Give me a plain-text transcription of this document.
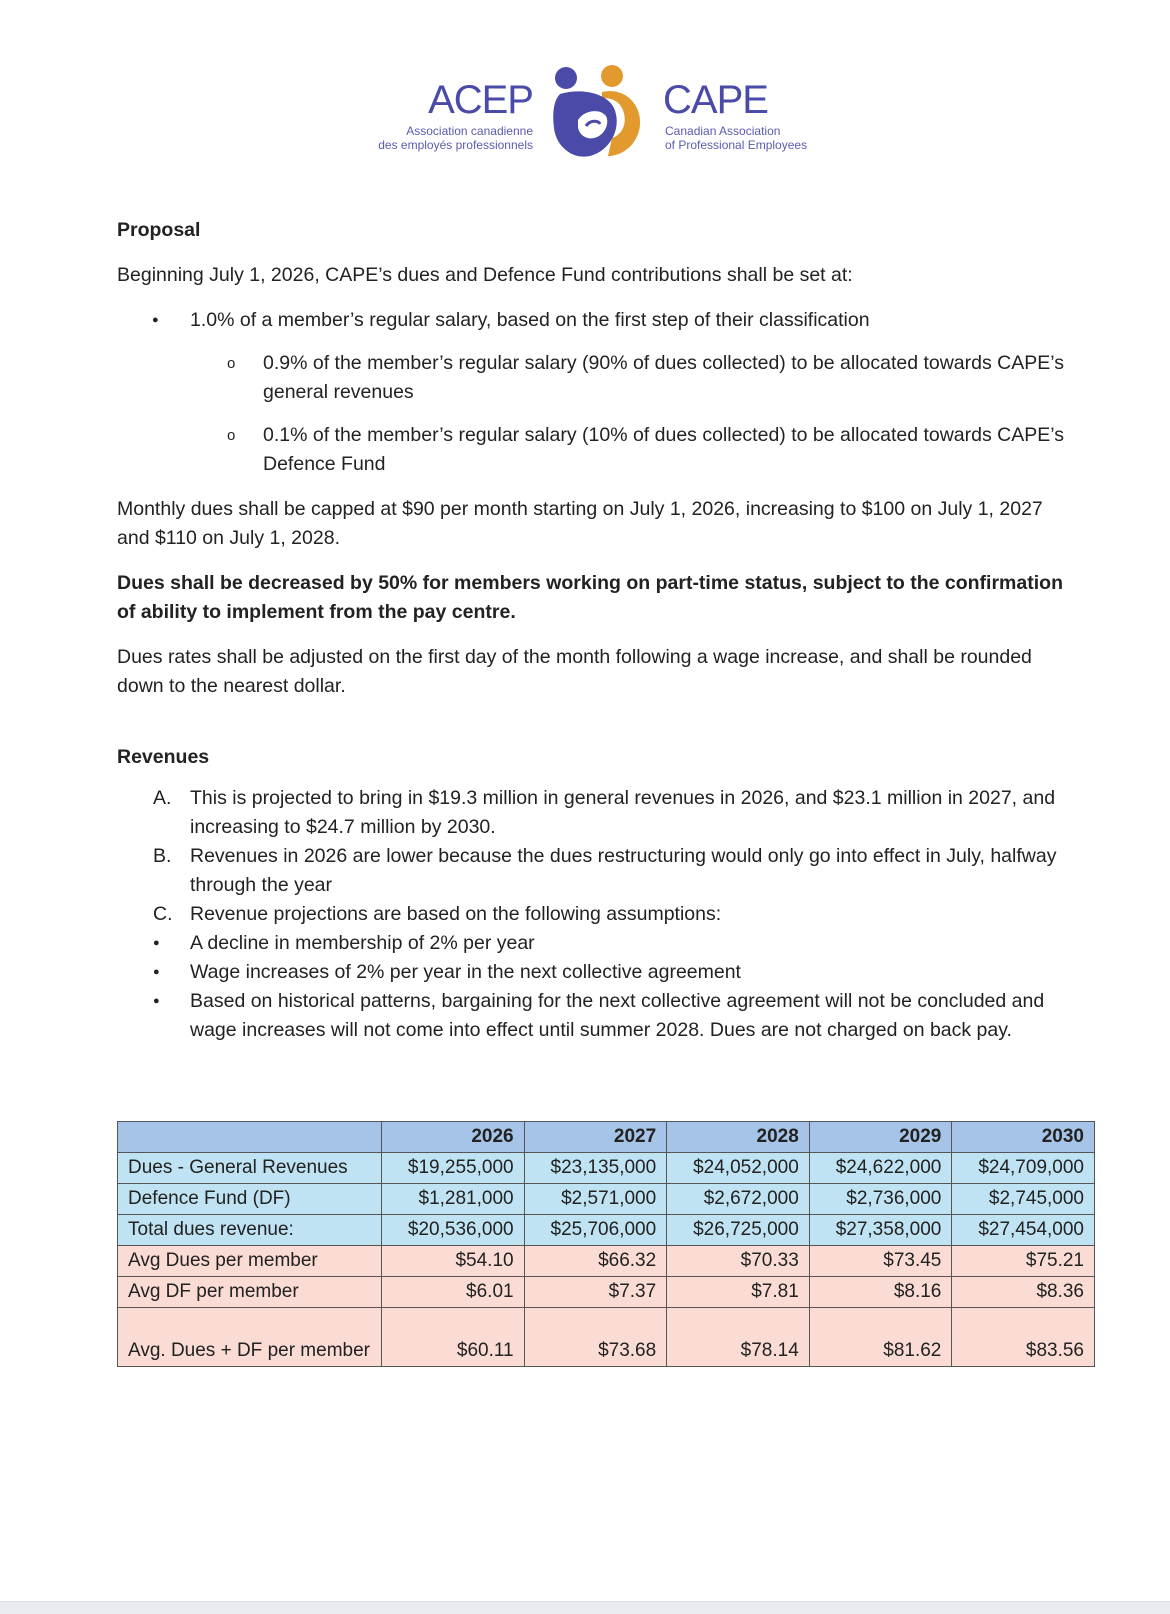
ACEP
Association canadienne
des employés professionnels
CAPE
Canadian Association
of Professional Employees

Proposal

Beginning July 1, 2026, CAPE’s dues and Defence Fund contributions shall be set at:

● 1.0% of a member’s regular salary, based on the first step of their classification
o 0.9% of the member’s regular salary (90% of dues collected) to be allocated towards CAPE’s general revenues
o 0.1% of the member’s regular salary (10% of dues collected) to be allocated towards CAPE’s Defence Fund

Monthly dues shall be capped at $90 per month starting on July 1, 2026, increasing to $100 on July 1, 2027 and $110 on July 1, 2028.

Dues shall be decreased by 50% for members working on part-time status, subject to the confirmation of ability to implement from the pay centre.

Dues rates shall be adjusted on the first day of the month following a wage increase, and shall be rounded down to the nearest dollar.

Revenues

A. This is projected to bring in $19.3 million in general revenues in 2026, and $23.1 million in 2027, and increasing to $24.7 million by 2030.
B. Revenues in 2026 are lower because the dues restructuring would only go into effect in July, halfway through the year
C. Revenue projections are based on the following assumptions:
● A decline in membership of 2% per year
● Wage increases of 2% per year in the next collective agreement
● Based on historical patterns, bargaining for the next collective agreement will not be concluded and wage increases will not come into effect until summer 2028. Dues are not charged on back pay.
	2026	2027	2028	2029	2030
Dues - General Revenues	$19,255,000	$23,135,000	$24,052,000	$24,622,000	$24,709,000
Defence Fund (DF)	$1,281,000	$2,571,000	$2,672,000	$2,736,000	$2,745,000
Total dues revenue:	$20,536,000	$25,706,000	$26,725,000	$27,358,000	$27,454,000
Avg Dues per member	$54.10	$66.32	$70.33	$73.45	$75.21
Avg DF per member	$6.01	$7.37	$7.81	$8.16	$8.36
Avg. Dues + DF per member	$60.11	$73.68	$78.14	$81.62	$83.56
